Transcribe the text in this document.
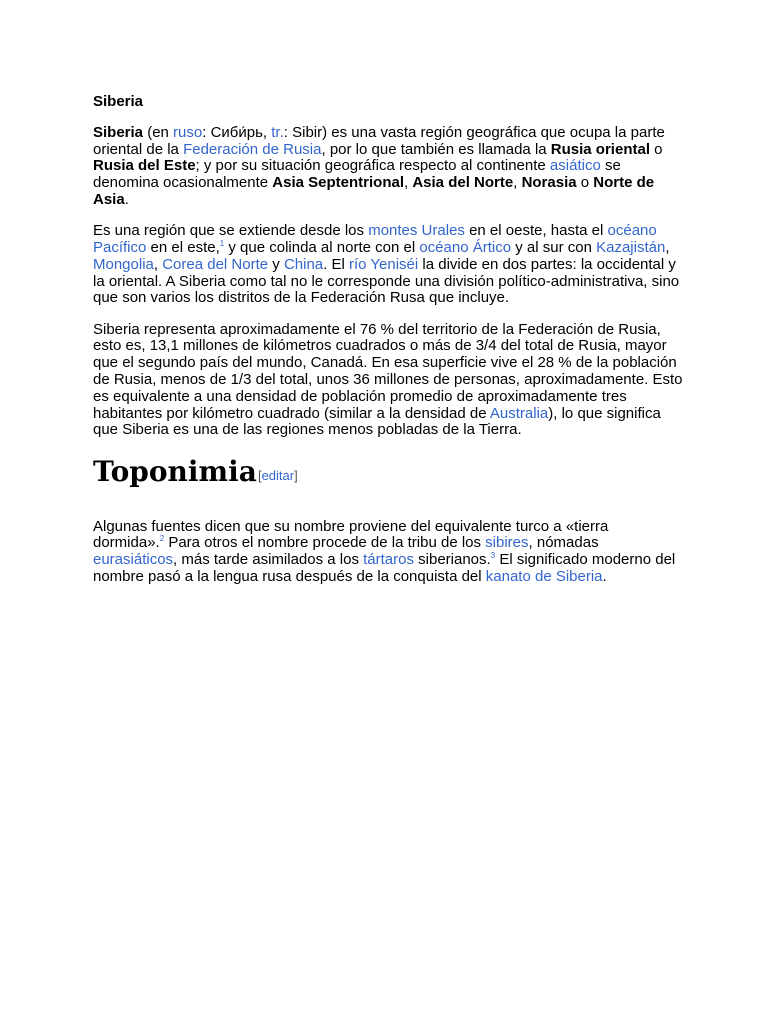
Siberia

Siberia (en ruso: Сиби́рь, tr.: Sibir) es una vasta región geográfica que ocupa la parte oriental de la Federación de Rusia, por lo que también es llamada la Rusia oriental o Rusia del Este; y por su situación geográfica respecto al continente asiático se denomina ocasionalmente Asia Septentrional, Asia del Norte, Norasia o Norte de Asia.

Es una región que se extiende desde los montes Urales en el oeste, hasta el océano Pacífico en el este,$^1$ y que colinda al norte con el océano Ártico y al sur con Kazajistán, Mongolia, Corea del Norte y China. El río Yeniséi la divide en dos partes: la occidental y la oriental. A Siberia como tal no le corresponde una división político-administrativa, sino que son varios los distritos de la Federación Rusa que incluye.

Siberia representa aproximadamente el 76 % del territorio de la Federación de Rusia, esto es, 13,1 millones de kilómetros cuadrados o más de 3/4 del total de Rusia, mayor que el segundo país del mundo, Canadá. En esa superficie vive el 28 % de la población de Rusia, menos de 1/3 del total, unos 36 millones de personas, aproximadamente. Esto es equivalente a una densidad de población promedio de aproximadamente tres habitantes por kilómetro cuadrado (similar a la densidad de Australia), lo que significa que Siberia es una de las regiones menos pobladas de la Tierra.

Toponimia[editar]

Algunas fuentes dicen que su nombre proviene del equivalente turco a «tierra dormida».$^2$ Para otros el nombre procede de la tribu de los sibires, nómadas eurasiáticos, más tarde asimilados a los tártaros siberianos.$^3$ El significado moderno del nombre pasó a la lengua rusa después de la conquista del kanato de Siberia.
